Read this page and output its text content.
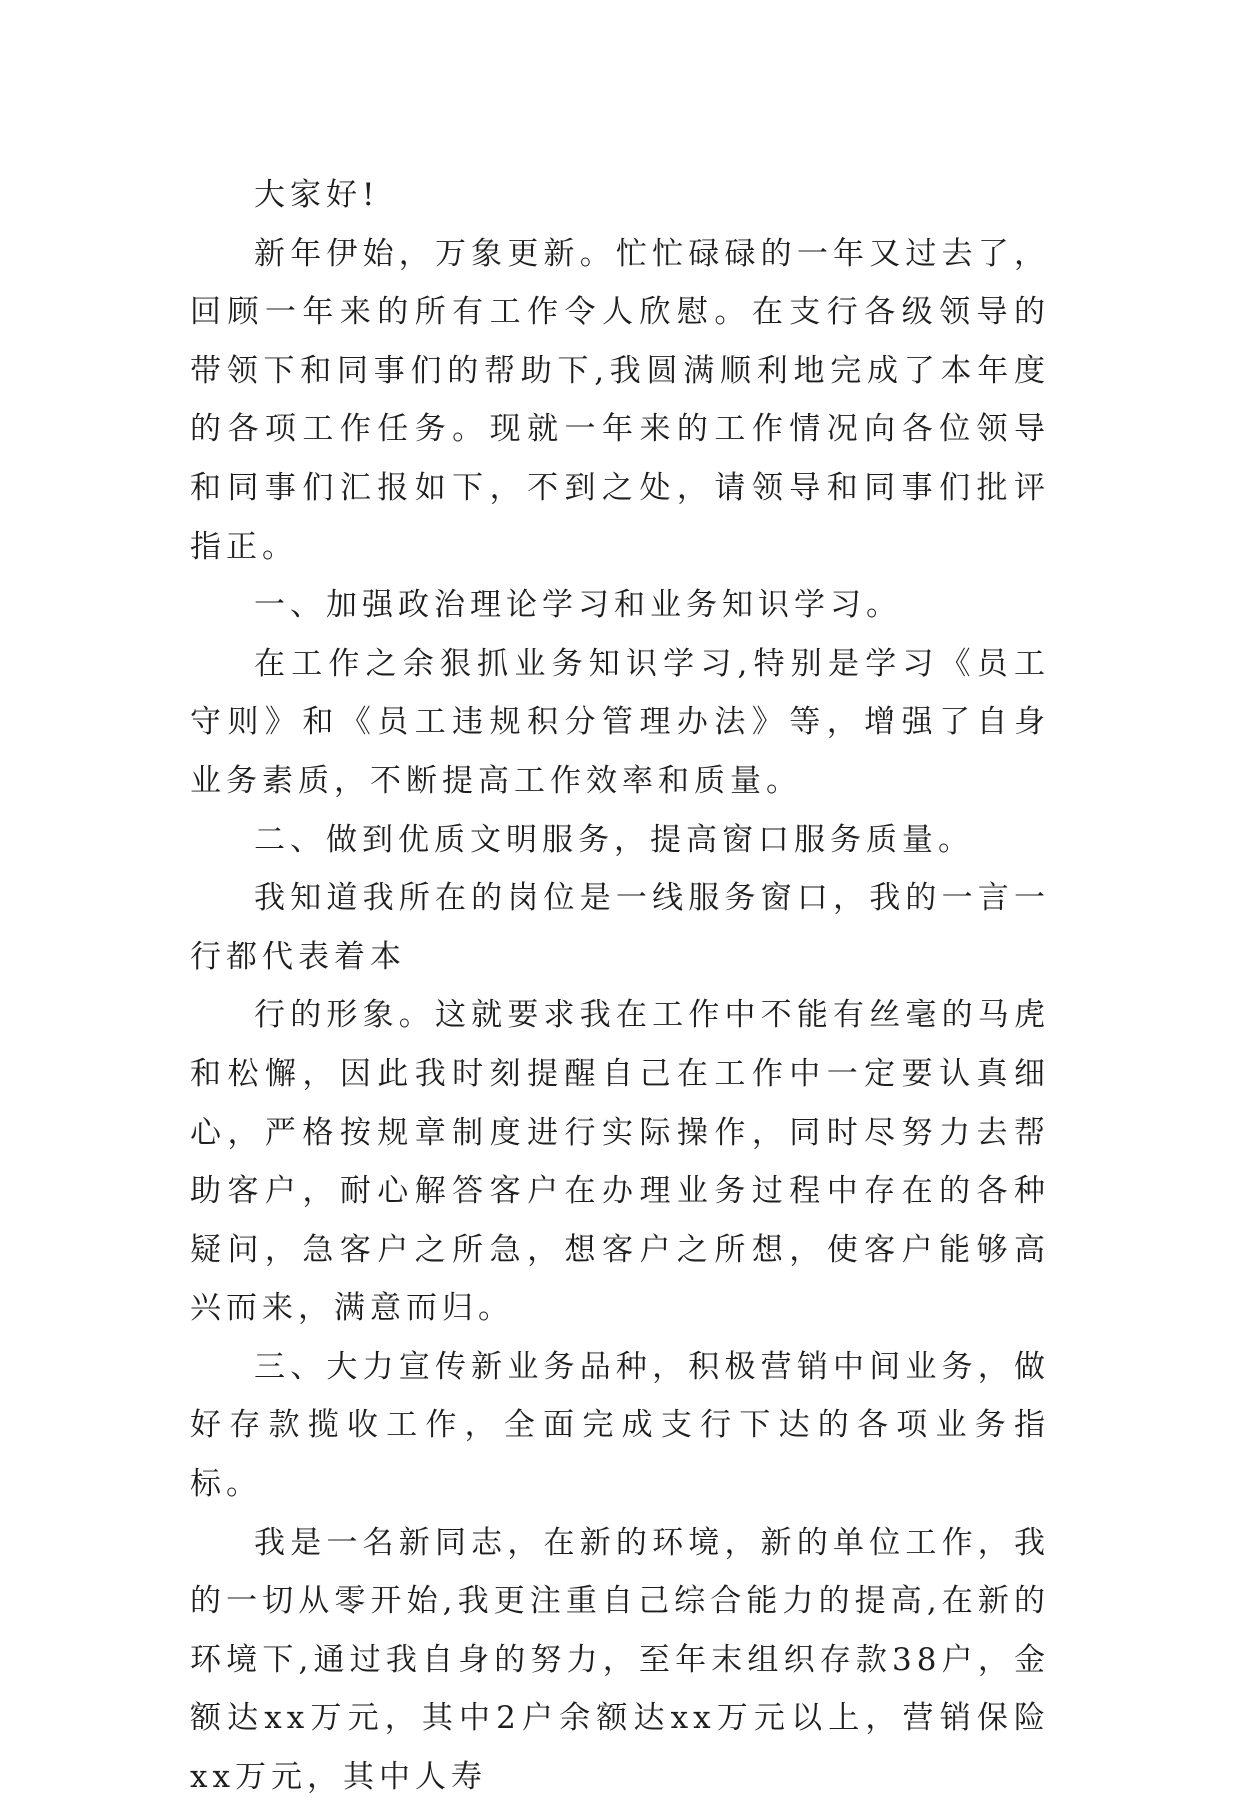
大家好!

新年伊始，万象更新。忙忙碌碌的一年又过去了，回顾一年来的所有工作令人欣慰。在支行各级领导的带领下和同事们的帮助下,我圆满顺利地完成了本年度的各项工作任务。现就一年来的工作情况向各位领导和同事们汇报如下，不到之处，请领导和同事们批评指正。

一、加强政治理论学习和业务知识学习。

在工作之余狠抓业务知识学习,特别是学习《员工守则》和《员工违规积分管理办法》等，增强了自身业务素质，不断提高工作效率和质量。

二、做到优质文明服务，提高窗口服务质量。

我知道我所在的岗位是一线服务窗口，我的一言一行都代表着本

行的形象。这就要求我在工作中不能有丝毫的马虎和松懈，因此我时刻提醒自己在工作中一定要认真细心，严格按规章制度进行实际操作，同时尽努力去帮助客户，耐心解答客户在办理业务过程中存在的各种疑问，急客户之所急，想客户之所想，使客户能够高兴而来，满意而归。

三、大力宣传新业务品种，积极营销中间业务，做好存款揽收工作，全面完成支行下达的各项业务指标。

我是一名新同志，在新的环境，新的单位工作，我的一切从零开始,我更注重自己综合能力的提高,在新的环境下,通过我自身的努力，至年末组织存款38户，金额达xx万元，其中2户余额达xx万元以上，营销保险xx万元，其中人寿
